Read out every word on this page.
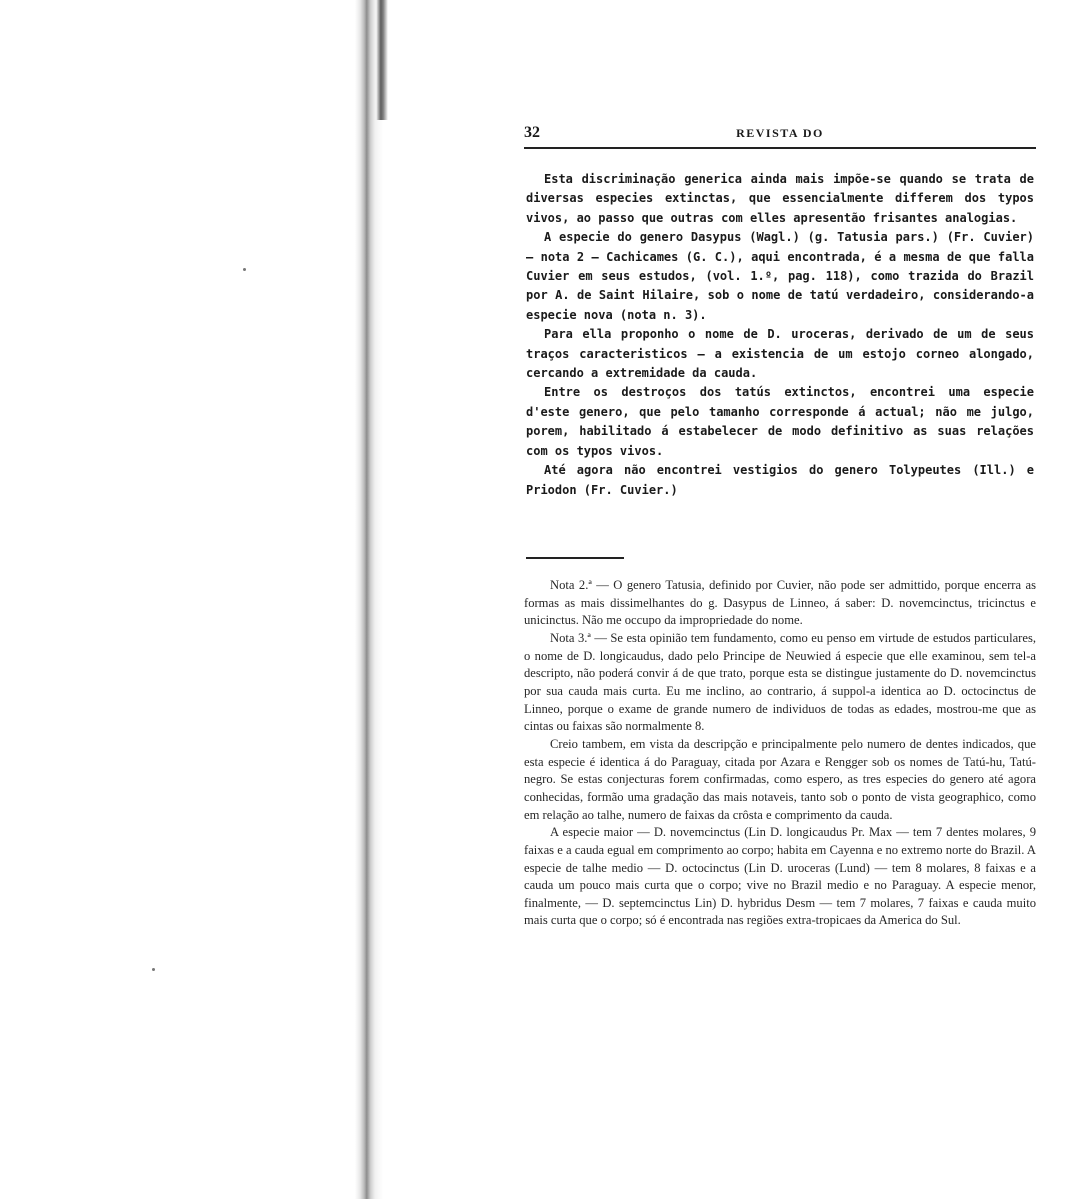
32	REVISTA DO

Esta discriminação generica ainda mais impõe-se quando se trata de diversas especies extinctas, que essencialmente differem dos typos vivos, ao passo que outras com elles apresentão frisantes analogias.

A especie do genero Dasypus (Wagl.) (g. Tatusia pars.) (Fr. Cuvier) — nota 2 — Cachicames (G. C.), aqui encontrada, é a mesma de que falla Cuvier em seus estudos, (vol. 1.º, pag. 118), como trazida do Brazil por A. de Saint Hilaire, sob o nome de tatú verdadeiro, considerando-a especie nova (nota n. 3).

Para ella proponho o nome de D. uroceras, derivado de um de seus traços caracteristicos — a existencia de um estojo corneo alongado, cercando a extremidade da cauda.

Entre os destroços dos tatús extinctos, encontrei uma especie d'este genero, que pelo tamanho corresponde á actual; não me julgo, porem, habilitado á estabelecer de modo definitivo as suas relações com os typos vivos.

Até agora não encontrei vestigios do genero Tolypeutes (Ill.) e Priodon (Fr. Cuvier.)

Nota 2.ª — O genero Tatusia, definido por Cuvier, não pode ser admittido, porque encerra as formas as mais dissimelhantes do g. Dasypus de Linneo, á saber: D. novemcinctus, tricinctus e unicinctus. Não me occupo da impropriedade do nome.

Nota 3.ª — Se esta opinião tem fundamento, como eu penso em virtude de estudos particulares, o nome de D. longicaudus, dado pelo Principe de Neuwied á especie que elle examinou, sem tel-a descripto, não poderá convir á de que trato, porque esta se distingue justamente do D. novemcinctus por sua cauda mais curta. Eu me inclino, ao contrario, á suppol-a identica ao D. octocinctus de Linneo, porque o exame de grande numero de individuos de todas as edades, mostrou-me que as cintas ou faixas são normalmente 8.

Creio tambem, em vista da descripção e principalmente pelo numero de dentes indicados, que esta especie é identica á do Paraguay, citada por Azara e Rengger sob os nomes de Tatú-hu, Tatú-negro. Se estas conjecturas forem confirmadas, como espero, as tres especies do genero até agora conhecidas, formão uma gradação das mais notaveis, tanto sob o ponto de vista geographico, como em relação ao talhe, numero de faixas da crôsta e comprimento da cauda.

A especie maior — D. novemcinctus (Lin D. longicaudus Pr. Max — tem 7 dentes molares, 9 faixas e a cauda egual em comprimento ao corpo; habita em Cayenna e no extremo norte do Brazil. A especie de talhe medio — D. octocinctus (Lin D. uroceras (Lund) — tem 8 molares, 8 faixas e a cauda um pouco mais curta que o corpo; vive no Brazil medio e no Paraguay. A especie menor, finalmente, — D. septemcinctus Lin) D. hybridus Desm — tem 7 molares, 7 faixas e cauda muito mais curta que o corpo; só é encontrada nas regiões extra-tropicaes da America do Sul.
